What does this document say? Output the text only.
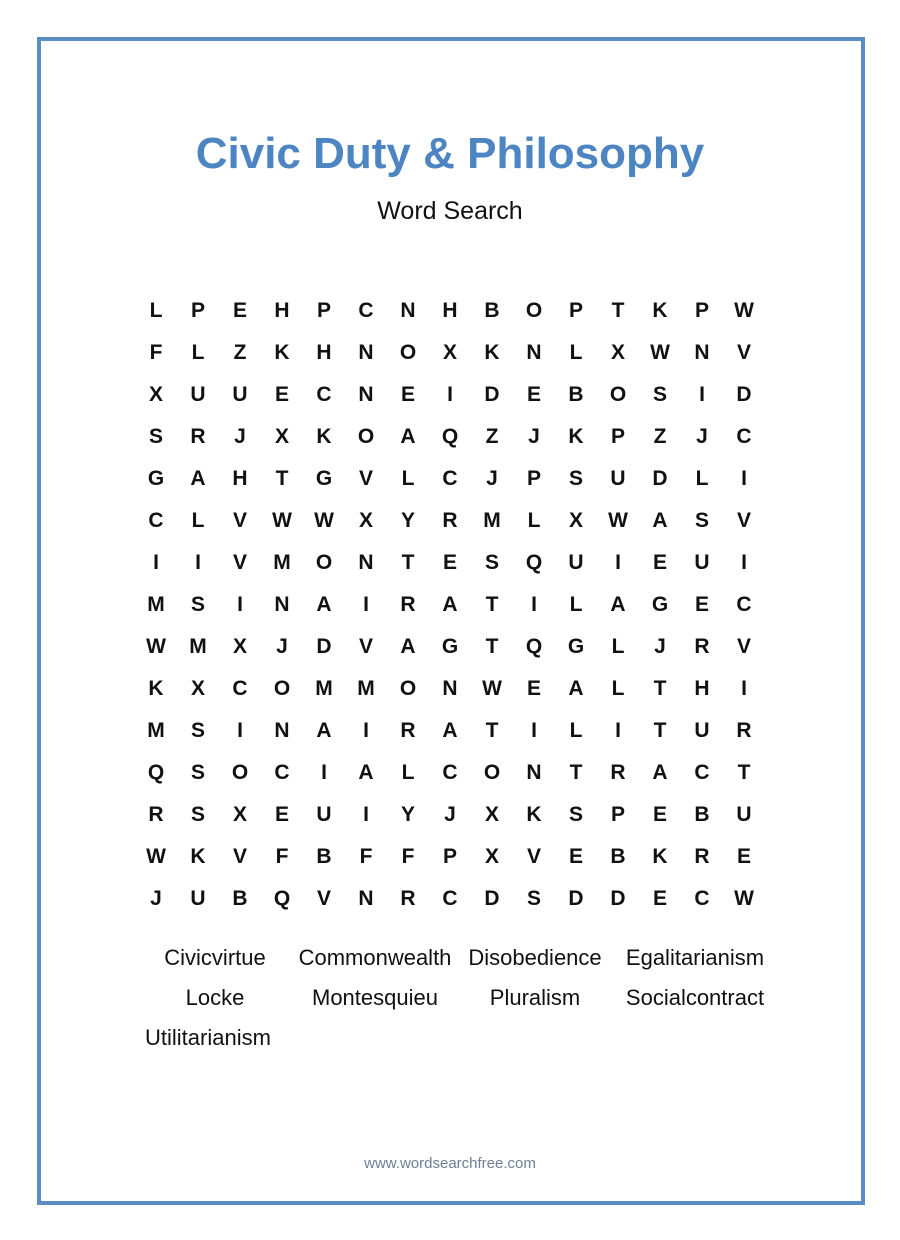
Civic Duty & Philosophy
Word Search
L	P	E	H	P	C	N	H	B	O	P	T	K	P	W
F	L	Z	K	H	N	O	X	K	N	L	X	W	N	V
X	U	U	E	C	N	E	I	D	E	B	O	S	I	D
S	R	J	X	K	O	A	Q	Z	J	K	P	Z	J	C
G	A	H	T	G	V	L	C	J	P	S	U	D	L	I
C	L	V	W	W	X	Y	R	M	L	X	W	A	S	V
I	I	V	M	O	N	T	E	S	Q	U	I	E	U	I
M	S	I	N	A	I	R	A	T	I	L	A	G	E	C
W	M	X	J	D	V	A	G	T	Q	G	L	J	R	V
K	X	C	O	M	M	O	N	W	E	A	L	T	H	I
M	S	I	N	A	I	R	A	T	I	L	I	T	U	R
Q	S	O	C	I	A	L	C	O	N	T	R	A	C	T
R	S	X	E	U	I	Y	J	X	K	S	P	E	B	U
W	K	V	F	B	F	F	P	X	V	E	B	K	R	E
J	U	B	Q	V	N	R	C	D	S	D	D	E	C	W
Civicvirtue	Commonwealth Disobedience	Egalitarianism
Locke	Montesquieu	Pluralism	Socialcontract
Utilitarianism
www.wordsearchfree.com
